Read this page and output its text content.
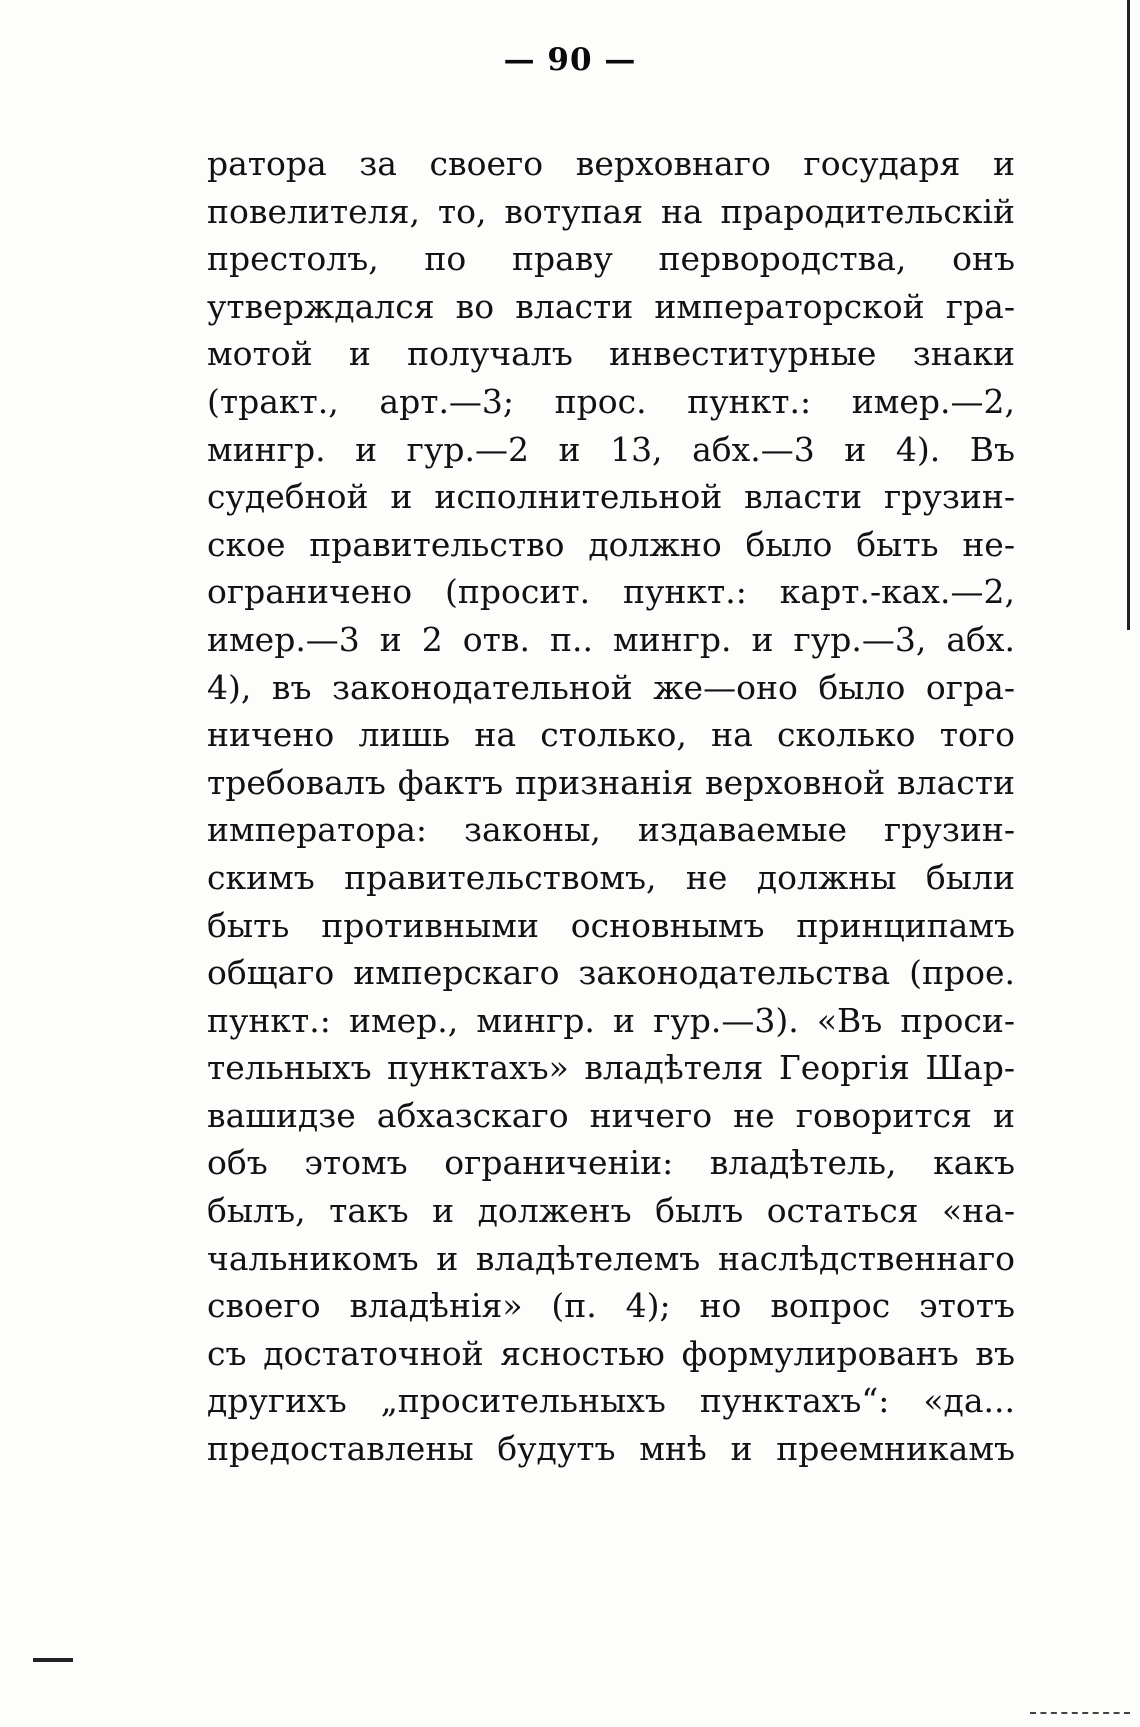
— 90 —
ратора за своего верховнаго государя и
повелителя, то, вотупая на прародительскій
престолъ, по праву первородства, онъ
утверждался во власти императорской гра-
мотой и получалъ инвеститурные знаки
(тракт., арт.—3; прос. пункт.: имер.—2,
мингр. и гур.—2 и 13, абх.—3 и 4). Въ
судебной и исполнительной власти грузин-
ское правительство должно было быть не-
ограничено (просит. пункт.: карт.-ках.—2,
имер.—3 и 2 отв. п.. мингр. и гур.—3, абх.
4), въ законодательной же—оно было огра-
ничено лишь на столько, на сколько того
требовалъ фактъ признанія верховной власти
императора: законы, издаваемые грузин-
скимъ правительствомъ, не должны были
быть противными основнымъ принципамъ
общаго имперскаго законодательства (прое.
пункт.: имер., мингр. и гур.—3). «Въ проси-
тельныхъ пунктахъ» владѣтеля Георгія Шар-
вашидзе абхазскаго ничего не говорится и
объ этомъ ограниченіи: владѣтель, какъ
былъ, такъ и долженъ былъ остаться «на-
чальникомъ и владѣтелемъ наслѣдственнаго
своего владѣнія» (п. 4); но вопрос этотъ
съ достаточной ясностью формулированъ въ
другихъ „просительныхъ пунктахъ“: «да...
предоставлены будутъ мнѣ и преемникамъ
